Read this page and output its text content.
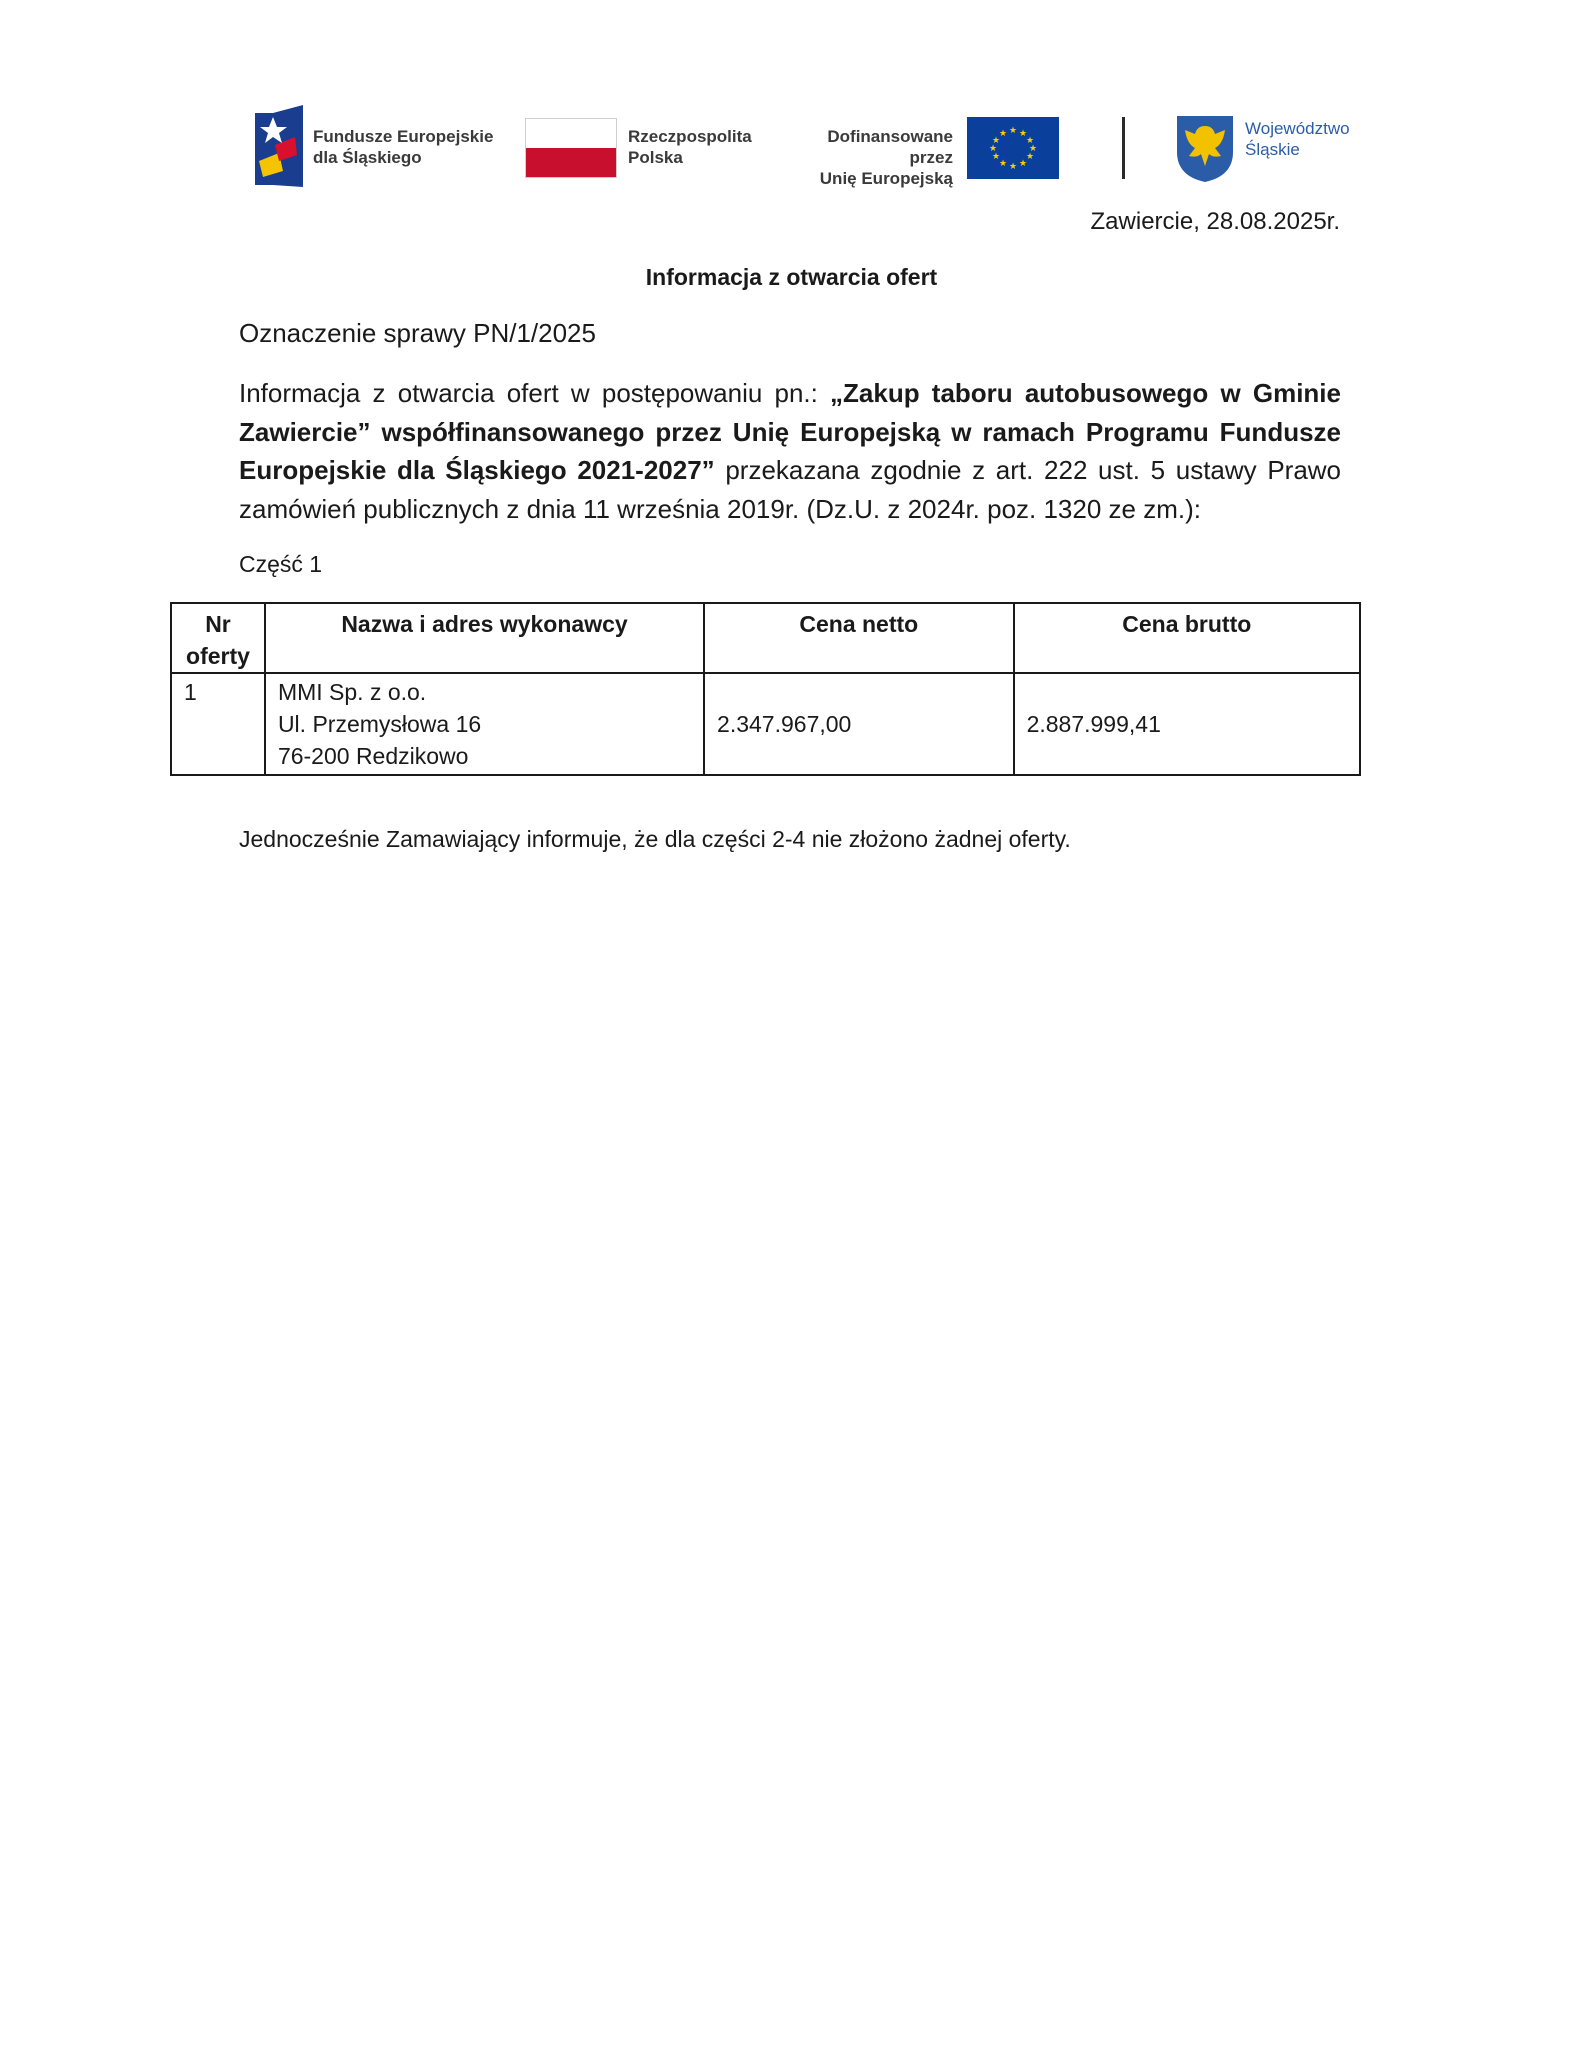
Fundusze Europejskie
dla Śląskiego
Rzeczpospolita
Polska
Dofinansowane przez
Unię Europejską
★ ★
★
★
★
★
★
★
★
★
★
★	Województwo
Śląskie
Zawiercie, 28.08.2025r.
Informacja z otwarcia ofert
Oznaczenie sprawy PN/1/2025
Informacja z otwarcia ofert w postępowaniu pn.: „Zakup taboru autobusowego w Gminie Zawiercie” współfinansowanego przez Unię Europejską w ramach Programu Fundusze Europejskie dla Śląskiego 2021-2027” przekazana zgodnie z art. 222 ust. 5 ustawy Prawo zamówień publicznych z dnia 11 września 2019r. (Dz.U. z 2024r. poz. 1320 ze zm.):
Część 1
Nr oferty	Nazwa i adres wykonawcy	Cena netto	Cena brutto
1	MMI Sp. z o.o.
Ul. Przemysłowa 16
76-200 Redzikowo	2.347.967,00	2.887.999,41
Jednocześnie Zamawiający informuje, że dla części 2-4 nie złożono żadnej oferty.
